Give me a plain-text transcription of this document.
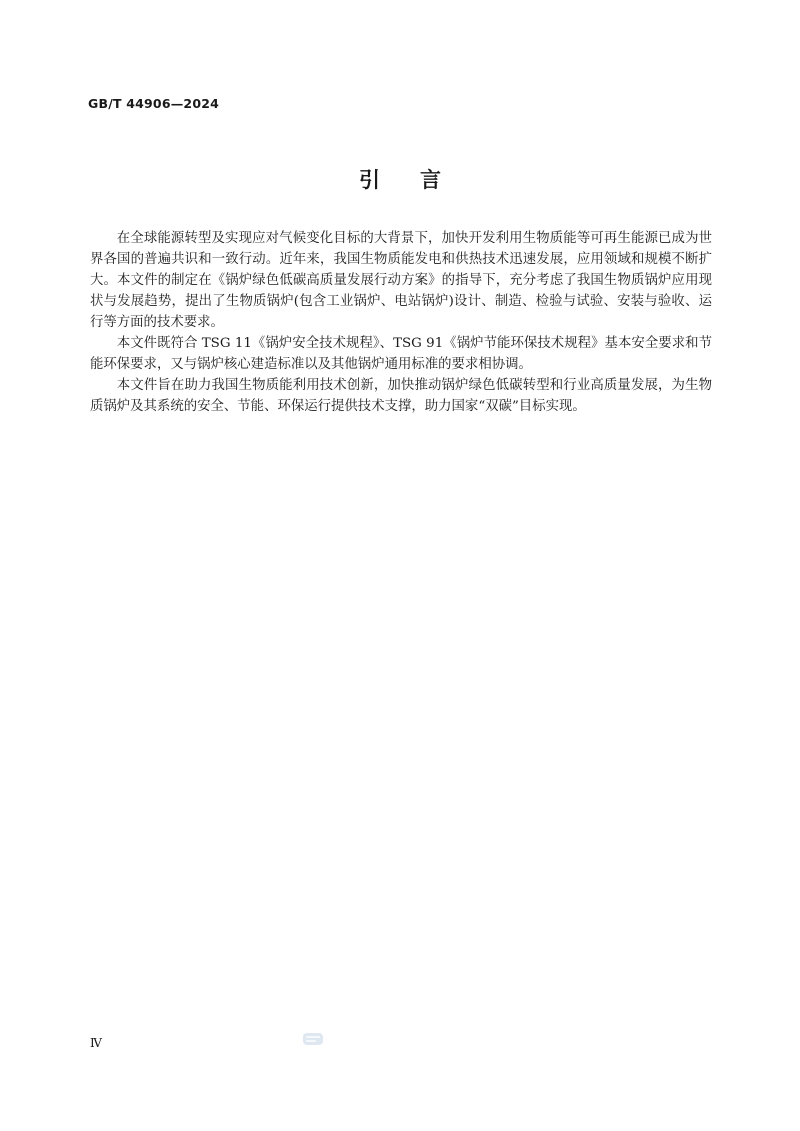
GB/T 44906—2024
引 言

在全球能源转型及实现应对气候变化目标的大背景下，加快开发利用生物质能等可再生能源已成为世界各国的普遍共识和一致行动。近年来，我国生物质能发电和供热技术迅速发展，应用领域和规模不断扩大。本文件的制定在《锅炉绿色低碳高质量发展行动方案》的指导下，充分考虑了我国生物质锅炉应用现状与发展趋势，提出了生物质锅炉(包含工业锅炉、电站锅炉)设计、制造、检验与试验、安装与验收、运行等方面的技术要求。

本文件既符合 TSG 11《锅炉安全技术规程》、TSG 91《锅炉节能环保技术规程》基本安全要求和节能环保要求，又与锅炉核心建造标准以及其他锅炉通用标准的要求相协调。

本文件旨在助力我国生物质能利用技术创新，加快推动锅炉绿色低碳转型和行业高质量发展，为生物质锅炉及其系统的安全、节能、环保运行提供技术支撑，助力国家“双碳”目标实现。

Ⅳ
